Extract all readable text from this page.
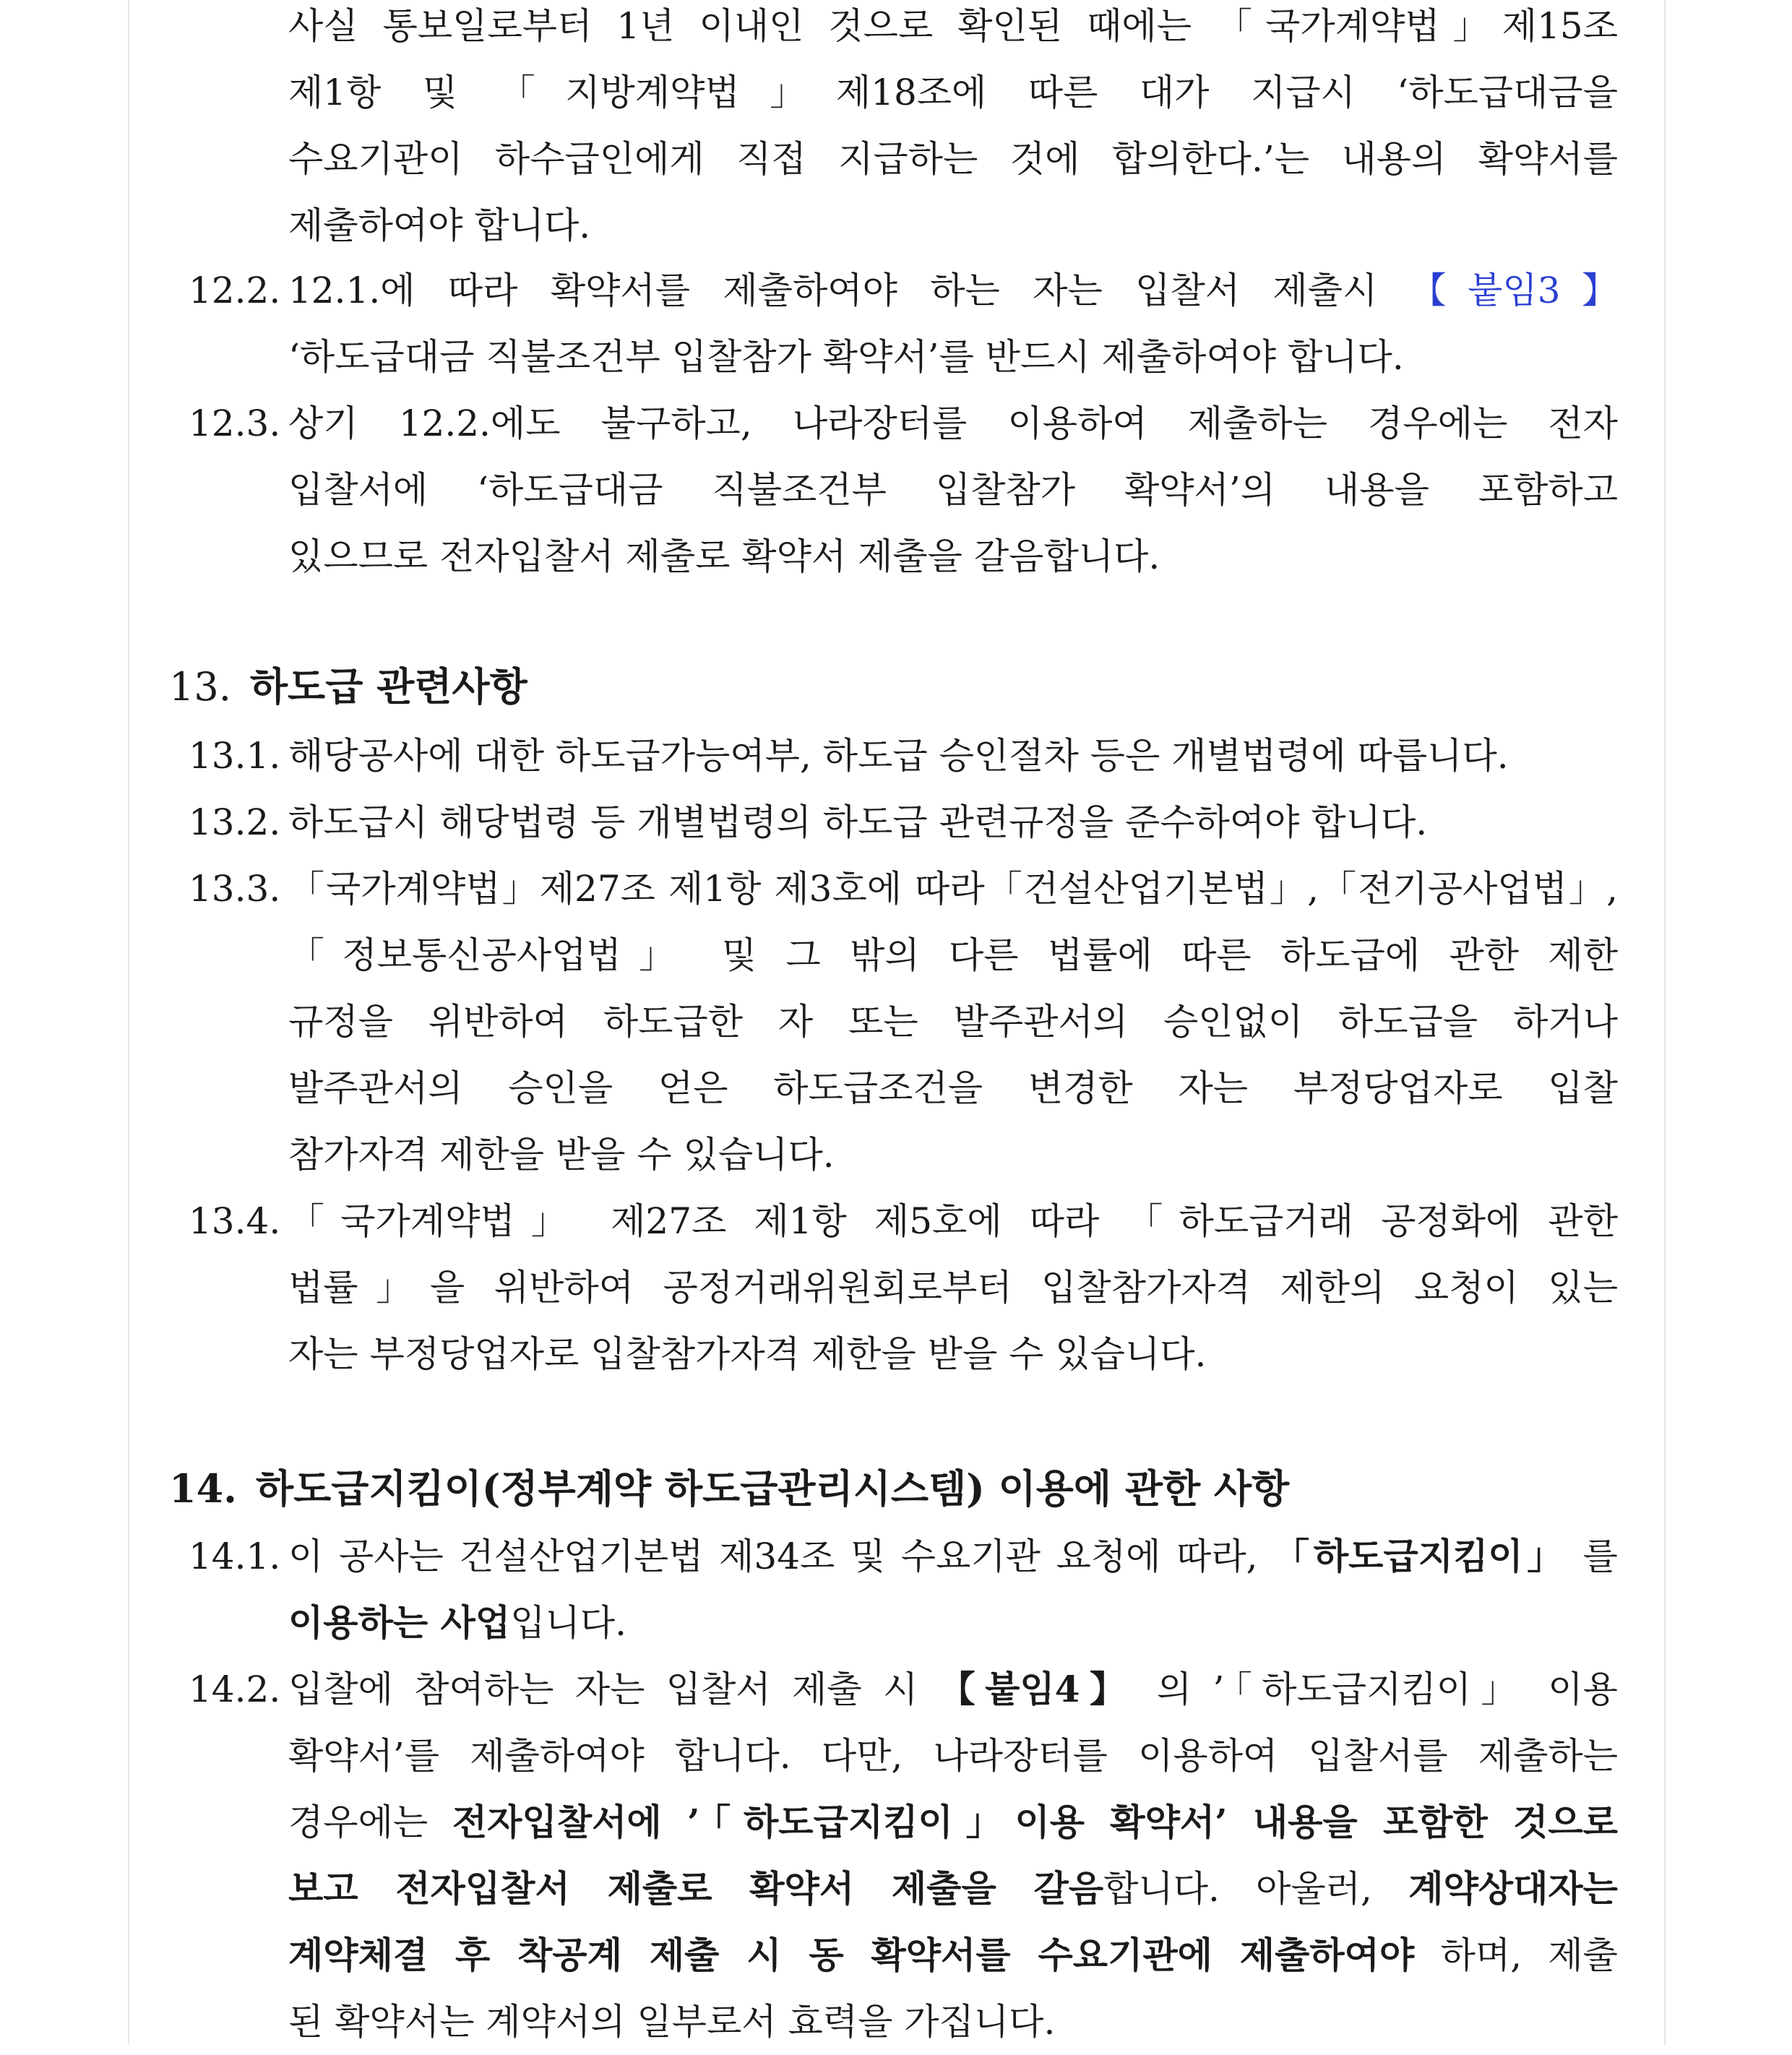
사실 통보일로부터 1년 이내인 것으로 확인된 때에는 「국가계약법」제15조
제1항 및 「지방계약법」제18조에 따른 대가 지급시 ‘하도급대금을
수요기관이 하수급인에게 직접 지급하는 것에 합의한다.’는 내용의 확약서를
제출하여야 합니다.
12.2. 12.1.에 따라 확약서를 제출하여야 하는 자는 입찰서 제출시 【붙임3】
‘하도급대금 직불조건부 입찰참가 확약서’를 반드시 제출하여야 합니다.
12.3. 상기 12.2.에도 불구하고, 나라장터를 이용하여 제출하는 경우에는 전자
입찰서에 ‘하도급대금 직불조건부 입찰참가 확약서’의 내용을 포함하고
있으므로 전자입찰서 제출로 확약서 제출을 갈음합니다.
13. 하도급 관련사항
13.1. 해당공사에 대한 하도급가능여부, 하도급 승인절차 등은 개별법령에 따릅니다.
13.2. 하도급시 해당법령 등 개별법령의 하도급 관련규정을 준수하여야 합니다.
13.3. 「국가계약법」제27조 제1항 제3호에 따라「건설산업기본법」,「전기공사업법」,
「정보통신공사업법」 및 그 밖의 다른 법률에 따른 하도급에 관한 제한
규정을 위반하여 하도급한 자 또는 발주관서의 승인없이 하도급을 하거나
발주관서의 승인을 얻은 하도급조건을 변경한 자는 부정당업자로 입찰
참가자격 제한을 받을 수 있습니다.
13.4. 「국가계약법」 제27조 제1항 제5호에 따라 「하도급거래 공정화에 관한
법률」을 위반하여 공정거래위원회로부터 입찰참가자격 제한의 요청이 있는
자는 부정당업자로 입찰참가자격 제한을 받을 수 있습니다.
14. 하도급지킴이(정부계약 하도급관리시스템) 이용에 관한 사항
14.1. 이 공사는 건설산업기본법 제34조 및 수요기관 요청에 따라, 「하도급지킴이」 를
이용하는 사업입니다.
14.2. 입찰에 참여하는 자는 입찰서 제출 시 【붙임4】 의 ’「하도급지킴이」 이용
확약서’를 제출하여야 합니다. 다만, 나라장터를 이용하여 입찰서를 제출하는
경우에는 전자입찰서에 ’「하도급지킴이」이용 확약서’ 내용을 포함한 것으로
보고 전자입찰서 제출로 확약서 제출을 갈음합니다. 아울러, 계약상대자는
계약체결 후 착공계 제출 시 동 확약서를 수요기관에 제출하여야 하며, 제출
된 확약서는 계약서의 일부로서 효력을 가집니다.
